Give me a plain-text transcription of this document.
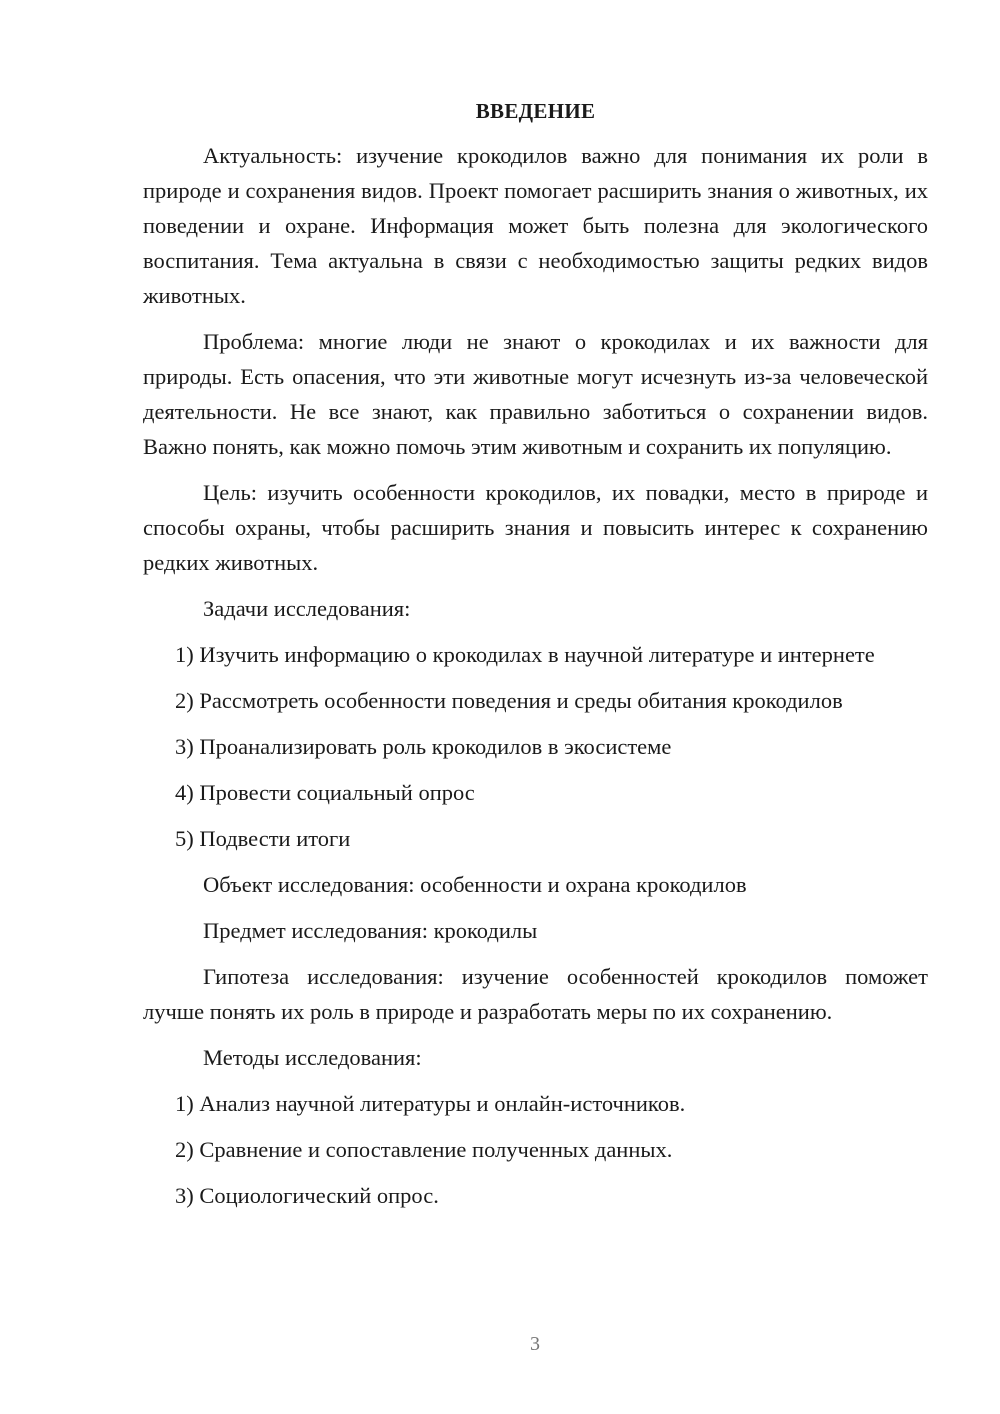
ВВЕДЕНИЕ

Актуальность: изучение крокодилов важно для понимания их роли в природе и сохранения видов. Проект помогает расширить знания о животных, их поведении и охране. Информация может быть полезна для экологического воспитания. Тема актуальна в связи с необходимостью защиты редких видов животных.

Проблема: многие люди не знают о крокодилах и их важности для природы. Есть опасения, что эти животные могут исчезнуть из-за человеческой деятельности. Не все знают, как правильно заботиться о сохранении видов. Важно понять, как можно помочь этим животным и сохранить их популяцию.

Цель: изучить особенности крокодилов, их повадки, место в природе и способы охраны, чтобы расширить знания и повысить интерес к сохранению редких животных.

Задачи исследования:

1) Изучить информацию о крокодилах в научной литературе и интернете

2) Рассмотреть особенности поведения и среды обитания крокодилов

3) Проанализировать роль крокодилов в экосистеме

4) Провести социальный опрос

5) Подвести итоги

Объект исследования: особенности и охрана крокодилов

Предмет исследования: крокодилы

Гипотеза исследования: изучение особенностей крокодилов поможет лучше понять их роль в природе и разработать меры по их сохранению.

Методы исследования:

1) Анализ научной литературы и онлайн-источников.

2) Сравнение и сопоставление полученных данных.

3) Социологический опрос.

3
